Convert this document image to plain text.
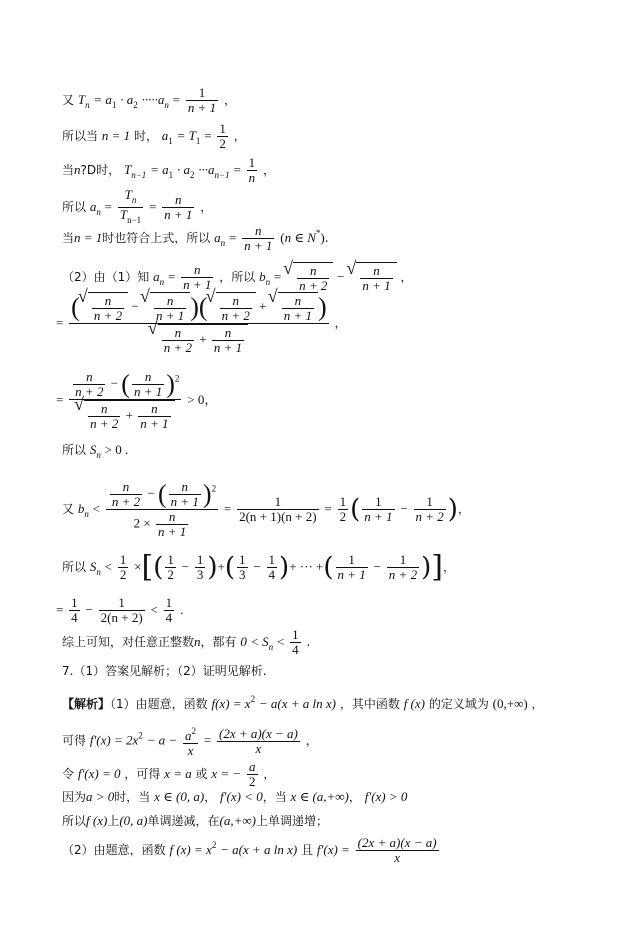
又 $T_n = a_1 \cdot a_2 \cdot\cdot\cdot\cdot\cdot a_n = \frac{1}{n + 1}$ ，
所以当 n = 1 时， $a_1 = T_1 = \frac{1}{2}$ ，
当n?D时， $T_{n-1} = a_1 \cdot a_2 \cdot\cdot\cdot a_{n-1} = \frac{1}{n}$ ，
所以 $a_n = \frac{T_n}{T_{n-1}} = \frac{n}{n + 1}$ ，
当n = 1时也符合上式，所以 $a_n = \frac{n}{n + 1} (n$ ∈ N*).
（2）由（1）知 $a_n = \frac{n}{n + 1}$ ，所以 $b_n$ = √ $\frac{n}{n + 2}$ − √ $\frac{n}{n + 1}$ ，
=
( √ $\frac{n}{n + 2}$ − √ $\frac{n}{n + 1}$ )( √ $\frac{n}{n + 2}$ + √ $\frac{n}{n + 1}$ )
√ $\frac{n}{n + 2} + \frac{n}{n + 1}$
，
= $\frac{n}{n + 2}$ − ( $\frac{n}{n + 1} )^2$
√ $\frac{n}{n + 2} + \frac{n}{n + 1} > 0$，
所以 $S_n > 0$ .
又 $b_n < \frac{\frac{n}{n + 2} - ( \frac{n}{n + 1} )^2}{2 \times \frac{n}{n + 1}} = \frac{1}{2(n + 1)(n + 2)} = \frac{1}{2}$ ( $\frac{1}{n + 1} - \frac{1}{n + 2}$ )，
所以 $S_n < \frac{1}{2}$ ×[( $\frac{1}{2} - \frac{1}{3}$ )+( $\frac{1}{3} - \frac{1}{4}$ )+ ··· +( $\frac{1}{n + 1} - \frac{1}{n + 2}$ )]，
= $\frac{1}{4} - \frac{1}{2(n + 2)} < \frac{1}{4}$ .
综上可知，对任意正整数n，都有 $0 < S_n < \frac{1}{4}$ .
7.（1）答案见解析；（2）证明见解析.
【解析】（1）由题意，函数 $f(x) = x^2 - a(x + a$ ln x) ，其中函数 f (x) 的定义域为 (0,+∞) ，
可得 $f'(x) = 2x^2 - a - \frac{a^2}{x} = \frac{(2x + a)(x - a)}{x}$ ，
令 f′(x) = 0 ，可得 x = a 或 x = − $\frac{a}{2}$ ，
因为a > 0时，当 x ∈ (0, a)， f′(x) < 0，当 x ∈ (a,+∞)， f′(x) > 0
所以f (x)上(0, a)单调递减，在(a,+∞)上单调递增；
（2）由题意，函数 f $(x) = x^2 - a(x + a$ ln x) 且 $f'(x) = \frac{(2x + a)(x - a)}{x}$
